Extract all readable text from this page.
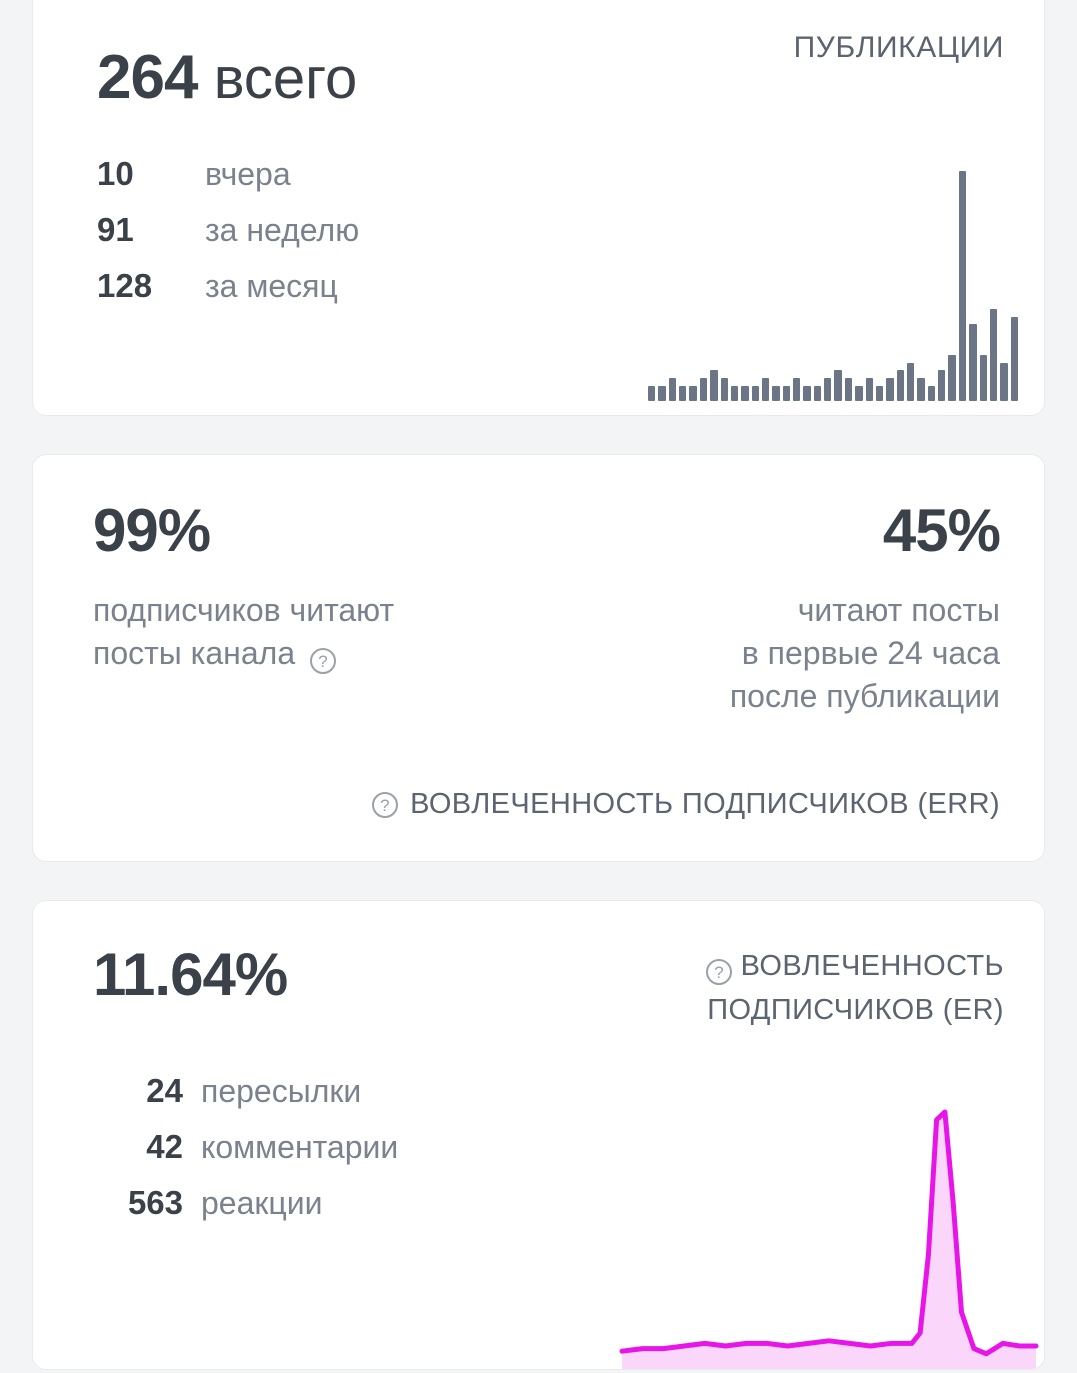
ПУБЛИКАЦИИ
264 всего
10	вчера
91	за неделю
128	за месяц
99%
подписчиков читают
посты канала ?
45%
читают посты
в первые 24 часа
после публикации
? ВОВЛЕЧЕННОСТЬ ПОДПИСЧИКОВ (ERR)
11.64%	? ВОВЛЕЧЕННОСТЬ
ПОДПИСЧИКОВ (ER)
24 пересылки
42 комментарии
563 реакции
